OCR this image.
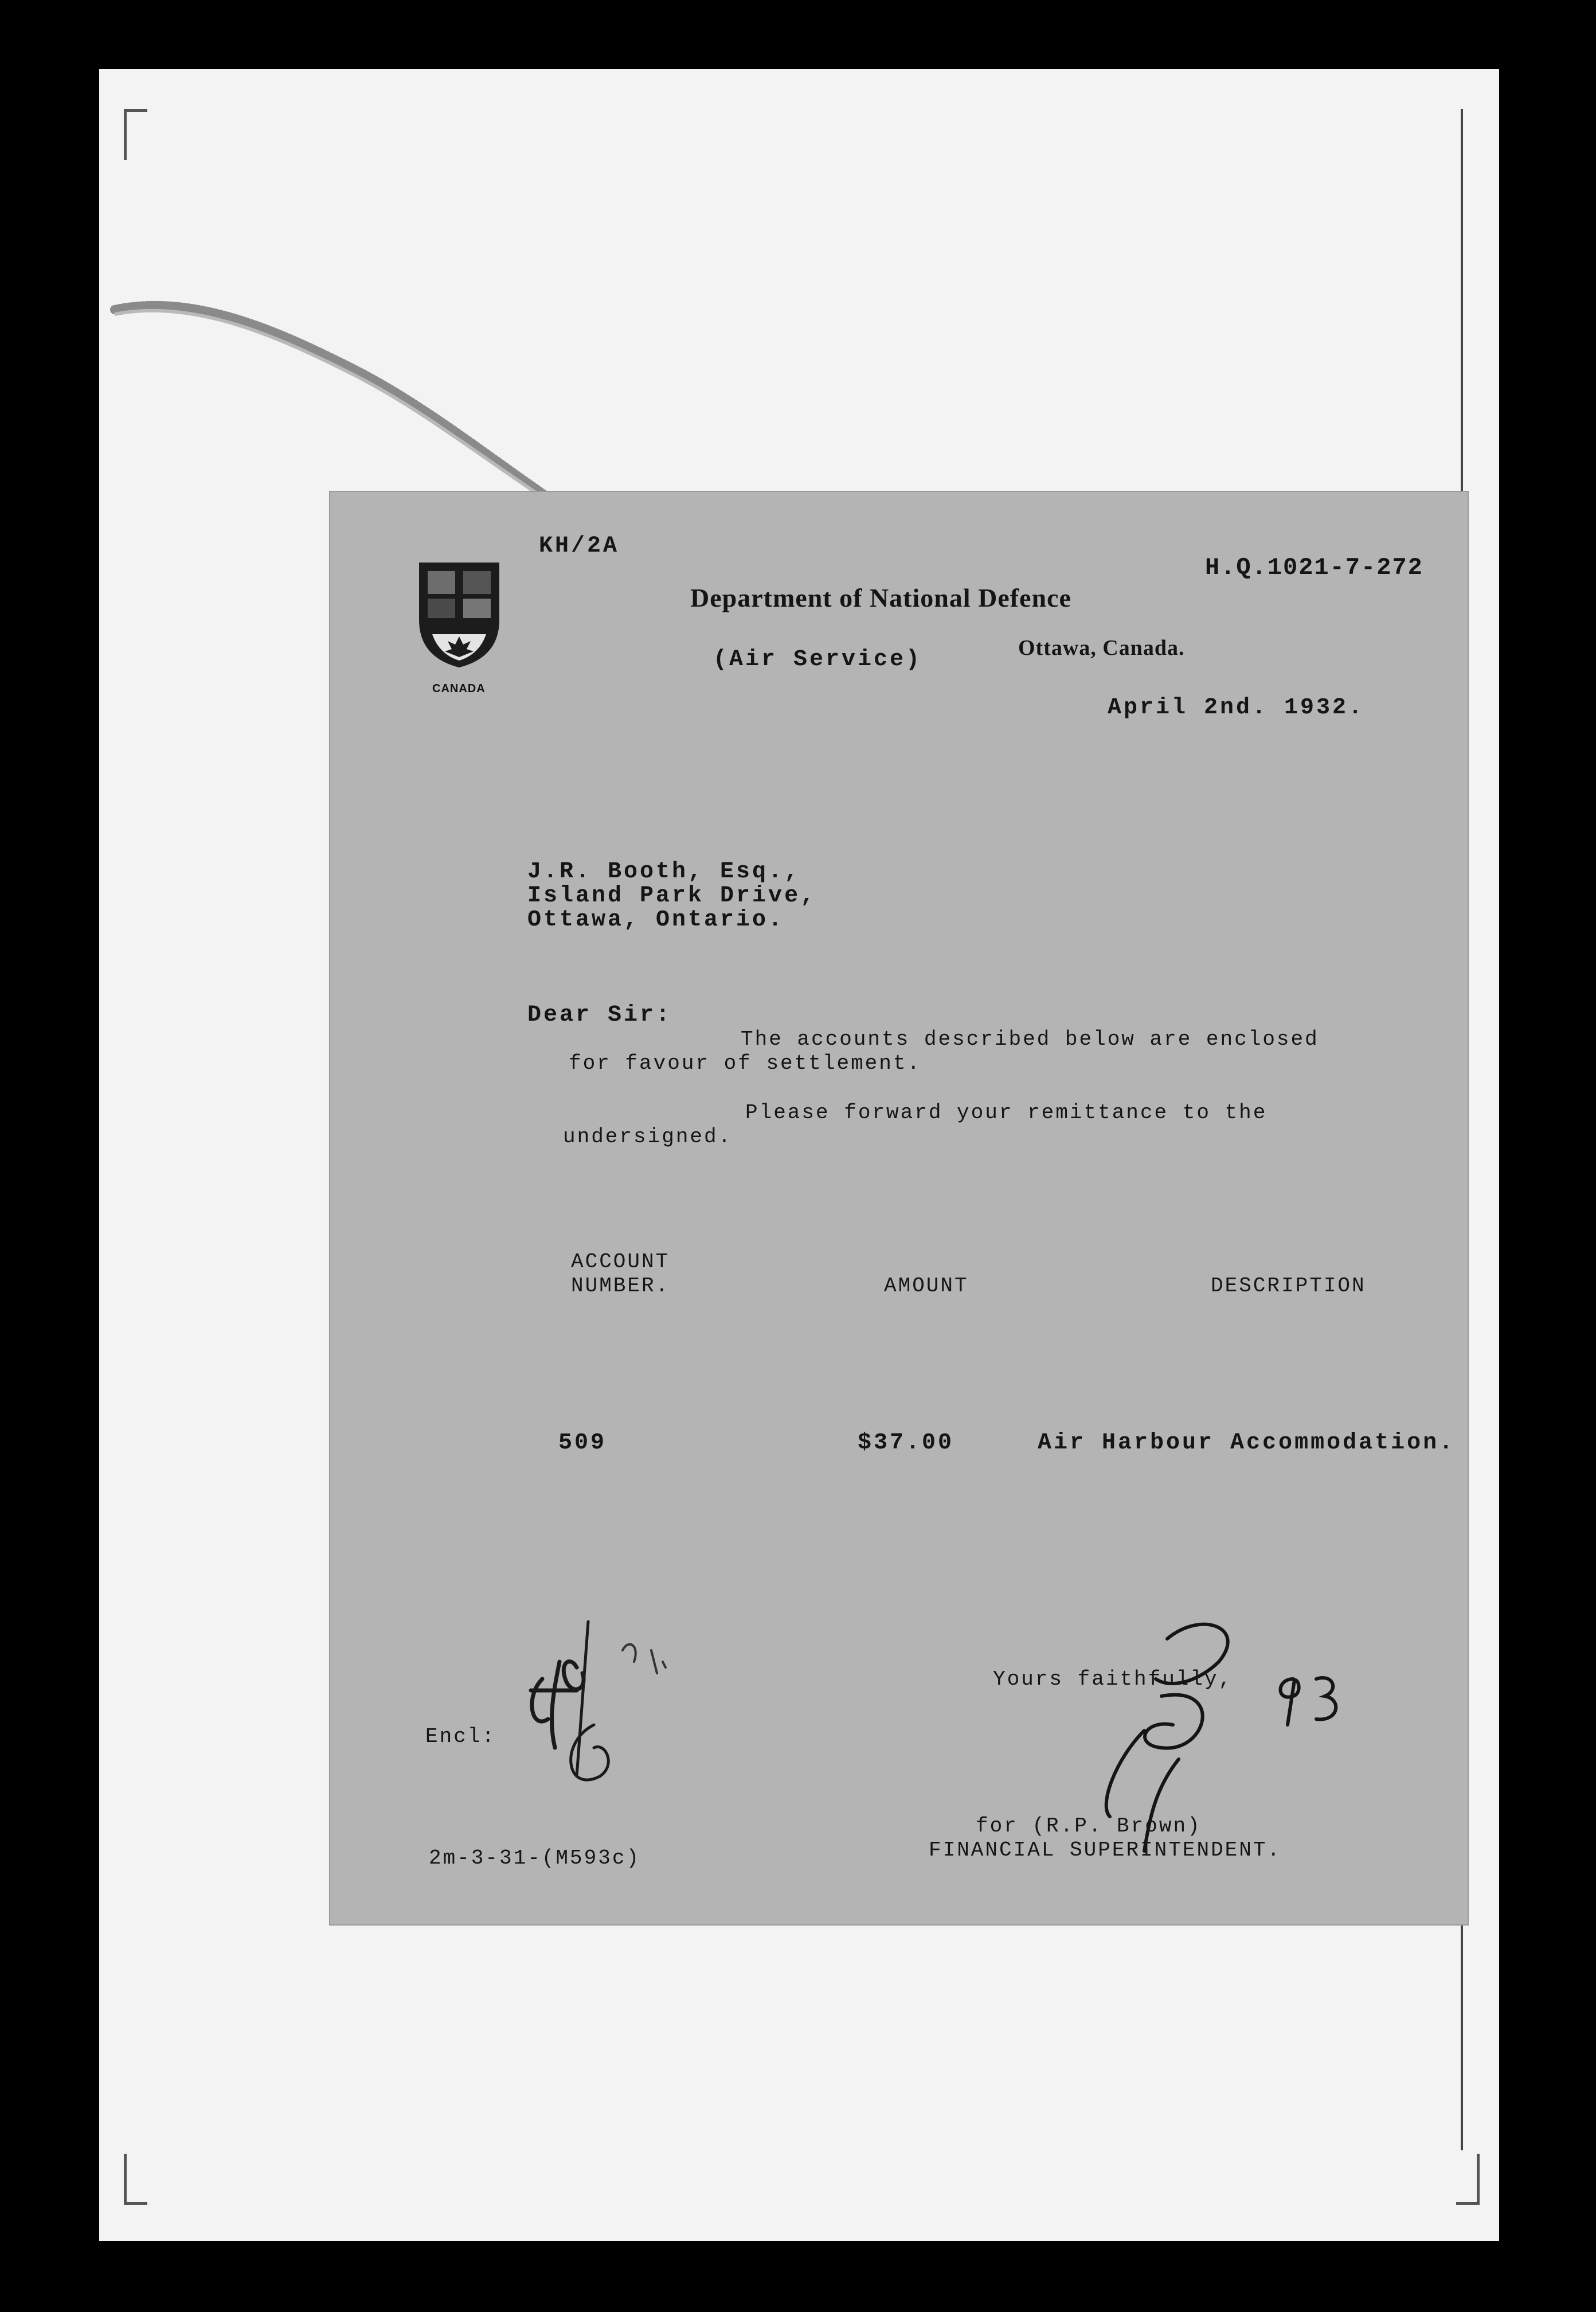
CANADA
KH/2A
H.Q.1021-7-272
Department of National Defence
(Air Service)	Ottawa, Canada.
April 2nd. 1932.
J.R. Booth, Esq.,
Island Park Drive,
Ottawa, Ontario.
Dear Sir:
The accounts described below are enclosed
for favour of settlement.
Please forward your remittance to the
undersigned.
ACCOUNT
NUMBER.	AMOUNT	DESCRIPTION
509	$37.00	Air Harbour Accommodation.
Yours faithfully,
Encl:
for (R.P. Brown)
FINANCIAL SUPERINTENDENT.
2m-3-31-(M593c)
